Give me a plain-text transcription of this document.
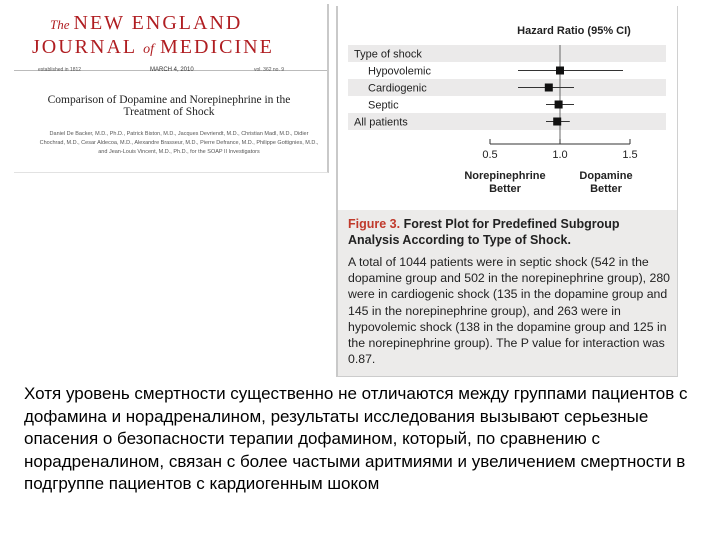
The NEW ENGLAND
JOURNAL of MEDICINE
established in 1812	MARCH 4, 2010	vol. 362 no. 9
Comparison of Dopamine and Norepinephrine in the Treatment of Shock
Daniel De Backer, M.D., Ph.D., Patrick Biston, M.D., Jacques Devriendt, M.D., Christian Madl, M.D., Didier Chochrad, M.D., Cesar Aldecoa, M.D., Alexandre Brasseur, M.D., Pierre Defrance, M.D., Philippe Gottignies, M.D., and Jean-Louis Vincent, M.D., Ph.D., for the SOAP II Investigators
Hazard Ratio (95% CI)
Type of shock
Hypovolemic
Cardiogenic
Septic
All patients
0.5	1.0	1.5
Norepinephrine
Better
Dopamine
Better
Figure 3. Forest Plot for Predefined Subgroup Analysis According to Type of Shock.
A total of 1044 patients were in septic shock (542 in the dopamine group and 502 in the norepinephrine group), 280 were in cardiogenic shock (135 in the dopamine group and 145 in the norepinephrine group), and 263 were in hypovolemic shock (138 in the dopamine group and 125 in the norepinephrine group). The P value for interaction was 0.87.
Хотя уровень смертности существенно не отличаются между группами пациентов с дофамина и норадреналином, результаты исследования вызывают серьезные опасения о безопасности терапии дофамином, который, по сравнению с норадреналином, связан с более частыми аритмиями и увеличением смертности в подгруппе пациентов с кардиогенным шоком
